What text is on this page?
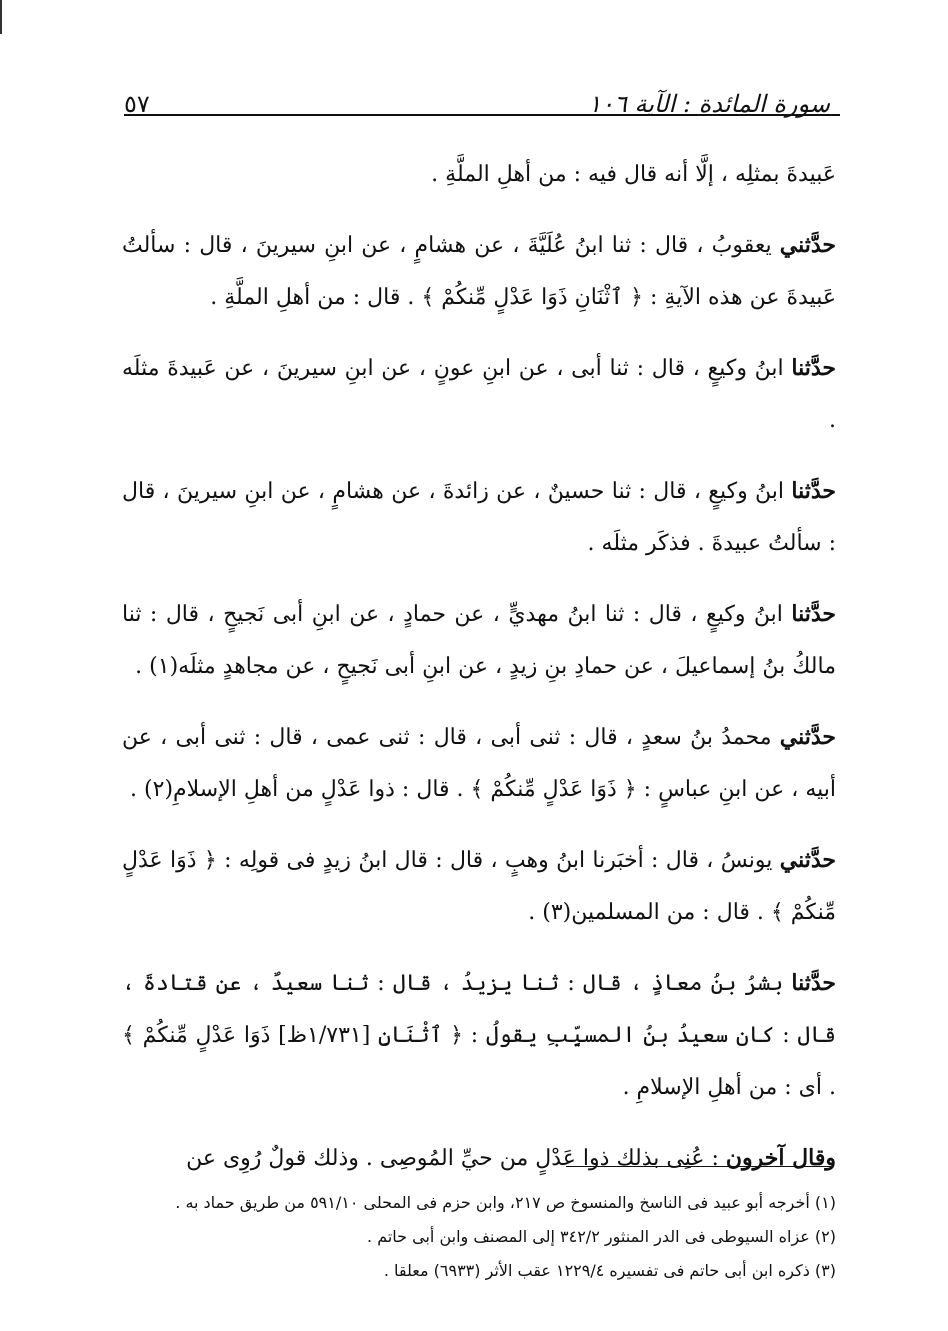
سورة المائدة : الآية ١٠٦
٥٧

عَبيدةَ بمثلِه ، إلَّا أنه قال فيه : من أهلِ الملَّةِ .

حدَّثني يعقوبُ ، قال : ثنا ابنُ عُلَيَّةَ ، عن هشامٍ ، عن ابنِ سيرينَ ، قال : سألتُ عَبيدةَ عن هذه الآيةِ : ﴿ ٱثْنَانِ ذَوَا عَدْلٍ مِّنكُمْ ﴾ . قال : من أهلِ الملَّةِ .

حدَّثنا ابنُ وكيعٍ ، قال : ثنا أبى ، عن ابنِ عونٍ ، عن ابنِ سيرينَ ، عن عَبيدةَ مثلَه .

حدَّثنا ابنُ وكيعٍ ، قال : ثنا حسينٌ ، عن زائدةَ ، عن هشامٍ ، عن ابنِ سيرينَ ، قال : سألتُ عبيدةَ . فذكَر مثلَه .

حدَّثنا ابنُ وكيعٍ ، قال : ثنا ابنُ مهديٍّ ، عن حمادٍ ، عن ابنِ أبى نَجيحٍ ، قال : ثنا مالكُ بنُ إسماعيلَ ، عن حمادِ بنِ زيدٍ ، عن ابنِ أبى نَجيحٍ ، عن مجاهدٍ مثلَه(١) .

حدَّثني محمدُ بنُ سعدٍ ، قال : ثنى أبى ، قال : ثنى عمى ، قال : ثنى أبى ، عن أبيه ، عن ابنِ عباسٍ : ﴿ ذَوَا عَدْلٍ مِّنكُمْ ﴾ . قال : ذوا عَدْلٍ من أهلِ الإسلامِ(٢) .

حدَّثني يونسُ ، قال : أخبَرنا ابنُ وهبٍ ، قال : قال ابنُ زيدٍ فى قولِه : ﴿ ذَوَا عَدْلٍ مِّنكُمْ ﴾ . قال : من المسلمين(٣) .

حدَّثنا بشرُ بنُ معاذٍ ، قال : ثنا يزيدُ ، قال : ثنا سعيدٌ ، عن قتادةَ ، قال : كان سعيدُ بنُ المسيِّبِ يقولُ : ﴿ ٱثْنَانِ [١/٧٣١ظ] ذَوَا عَدْلٍ مِّنكُمْ ﴾ . أى : من أهلِ الإسلامِ .

وقال آخرون : عُنِى بذلك ذوا عَدْلٍ من حيِّ المُوصِى . وذلك قولٌ رُوِى عن

(١) أخرجه أبو عبيد فى الناسخ والمنسوخ ص ٢١٧، وابن حزم فى المحلى ٥٩١/١٠ من طريق حماد به .

(٢) عزاه السيوطى فى الدر المنثور ٣٤٢/٢ إلى المصنف وابن أبى حاتم .

(٣) ذكره ابن أبى حاتم فى تفسيره ١٢٢٩/٤ عقب الأثر (٦٩٣٣) معلقا .
